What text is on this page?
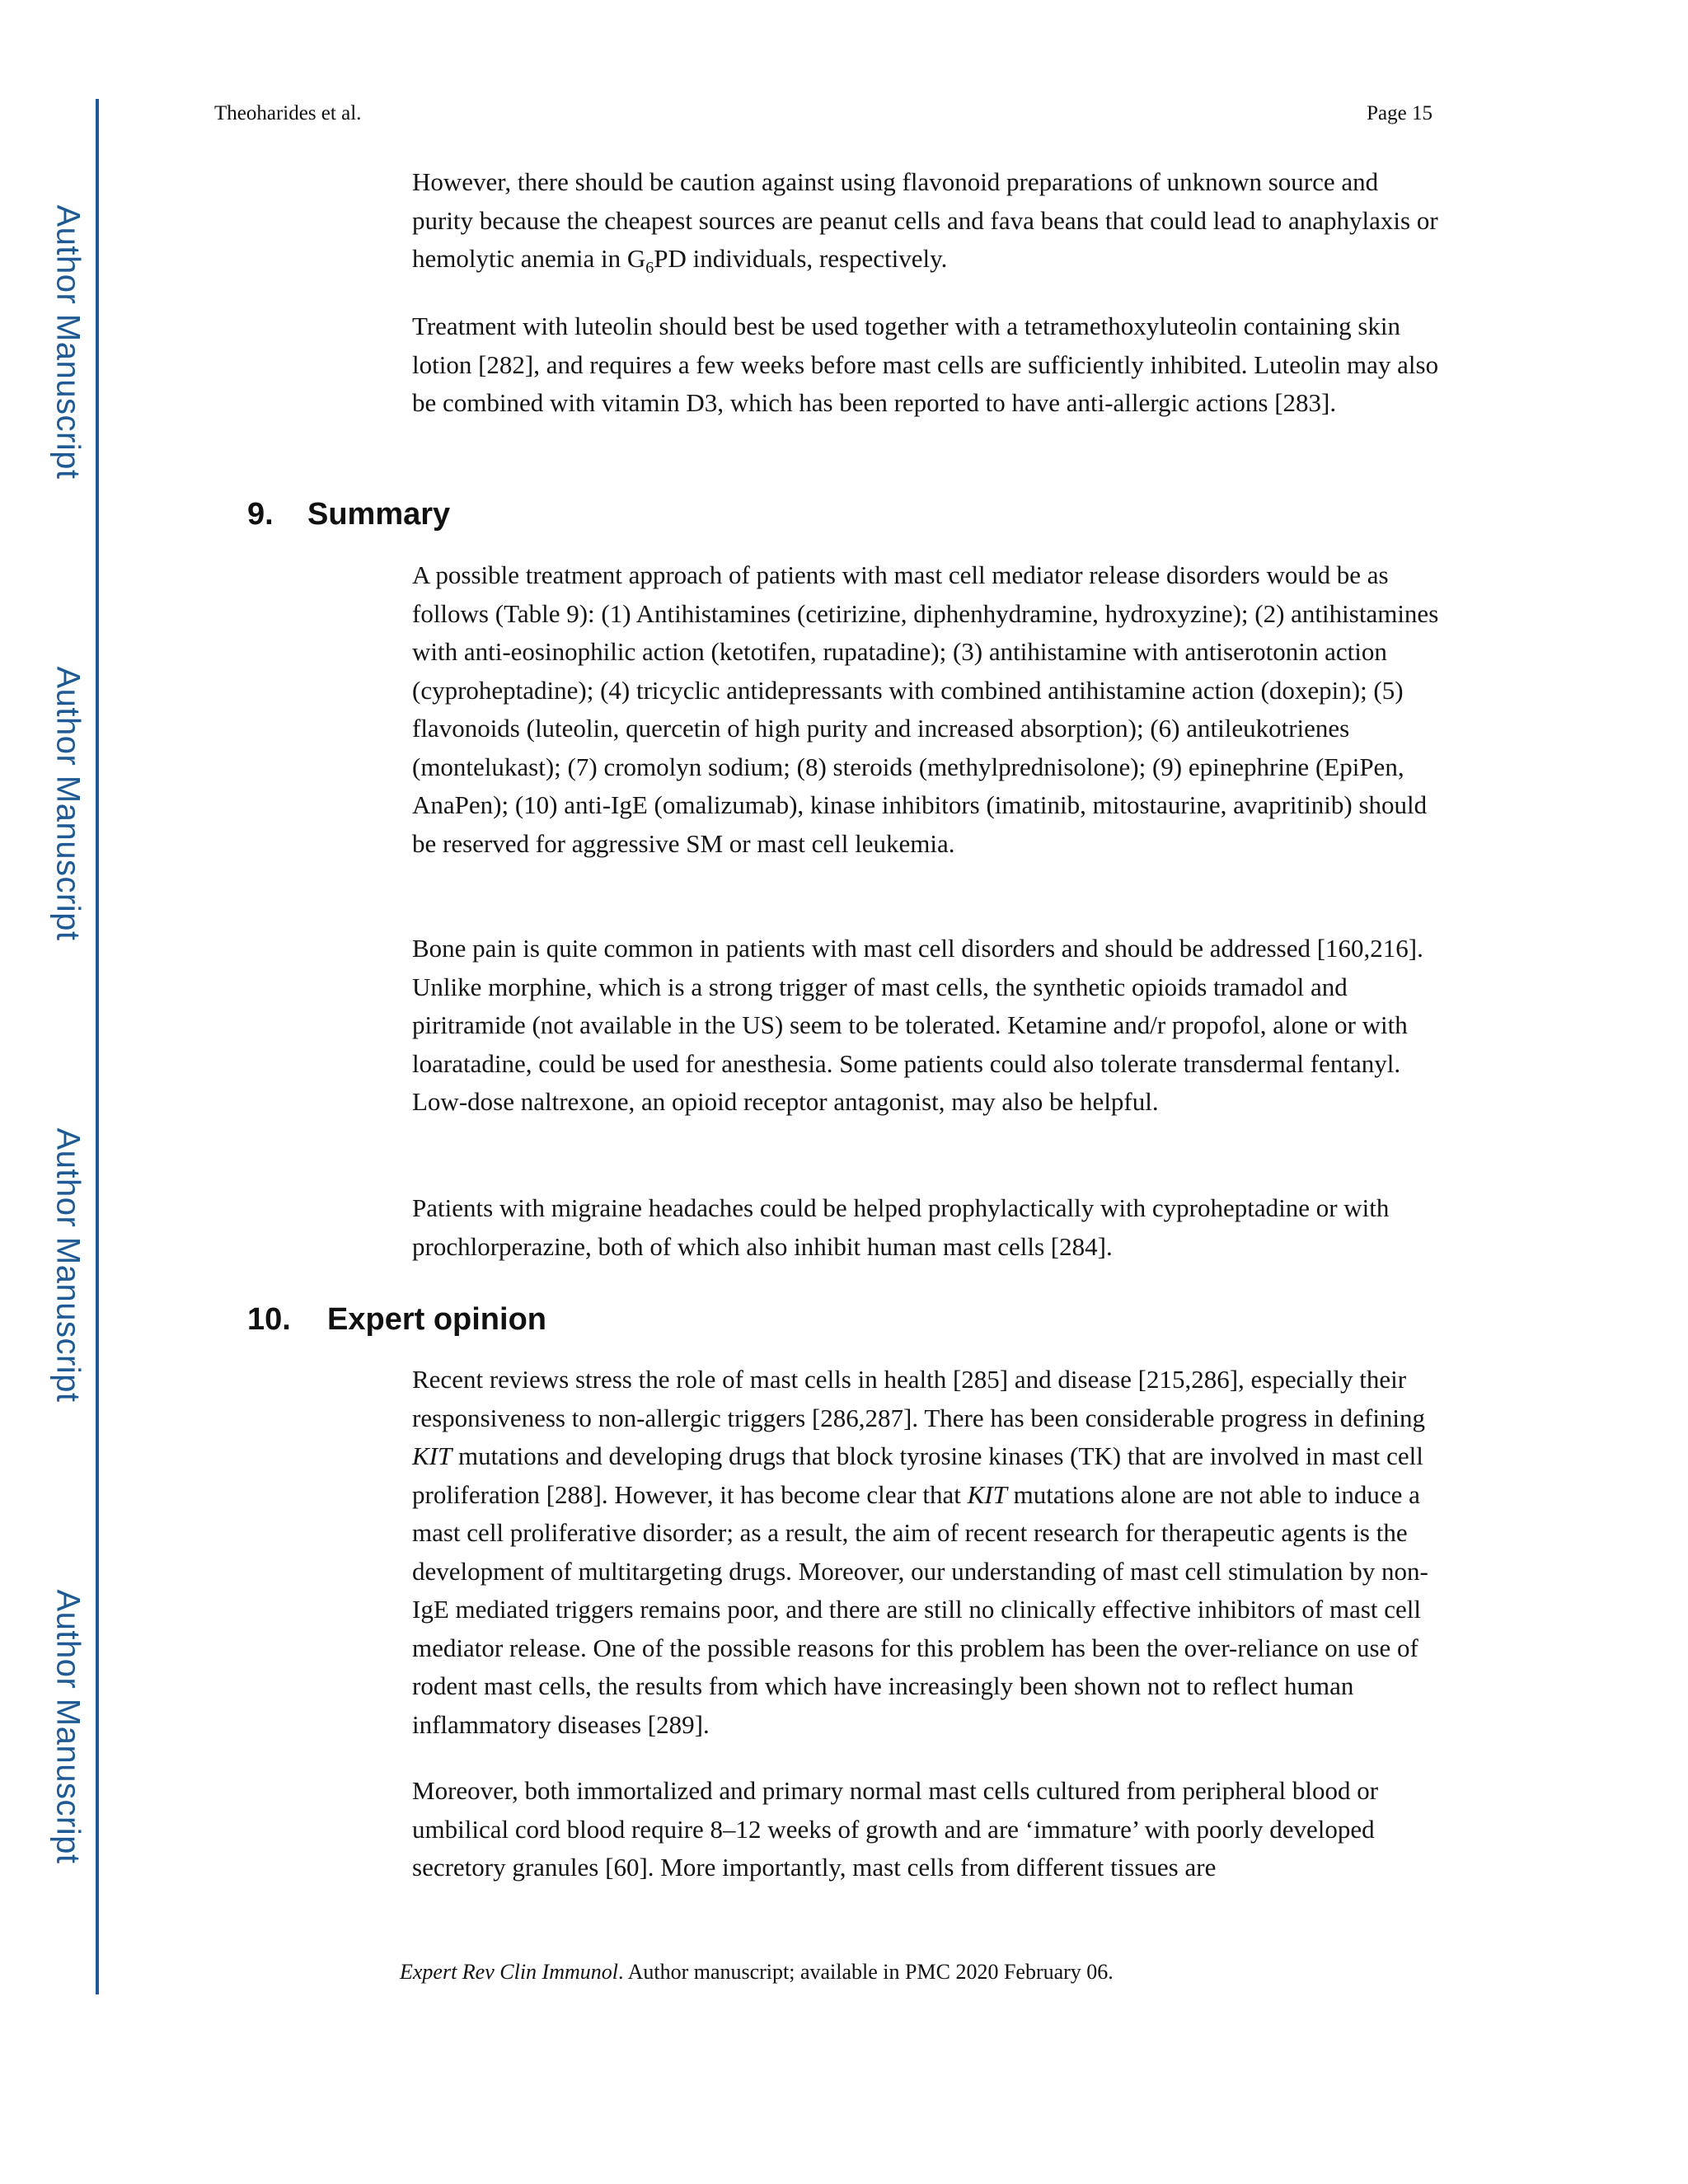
Author Manuscript
Author Manuscript
Author Manuscript
Author Manuscript
Theoharides et al.	Page 15

However, there should be caution against using flavonoid preparations of unknown source and purity because the cheapest sources are peanut cells and fava beans that could lead to anaphylaxis or hemolytic anemia in $G_6PD$ individuals, respectively.

Treatment with luteolin should best be used together with a tetramethoxyluteolin containing skin lotion [282], and requires a few weeks before mast cells are sufficiently inhibited. Luteolin may also be combined with vitamin D3, which has been reported to have anti-allergic actions [283].

9. Summary

A possible treatment approach of patients with mast cell mediator release disorders would be as follows (Table 9): (1) Antihistamines (cetirizine, diphenhydramine, hydroxyzine); (2) antihistamines with anti-eosinophilic action (ketotifen, rupatadine); (3) antihistamine with antiserotonin action (cyproheptadine); (4) tricyclic antidepressants with combined antihistamine action (doxepin); (5) flavonoids (luteolin, quercetin of high purity and increased absorption); (6) antileukotrienes (montelukast); (7) cromolyn sodium; (8) steroids (methylprednisolone); (9) epinephrine (EpiPen, AnaPen); (10) anti-IgE (omalizumab), kinase inhibitors (imatinib, mitostaurine, avapritinib) should be reserved for aggressive SM or mast cell leukemia.

Bone pain is quite common in patients with mast cell disorders and should be addressed [160,216]. Unlike morphine, which is a strong trigger of mast cells, the synthetic opioids tramadol and piritramide (not available in the US) seem to be tolerated. Ketamine and/r propofol, alone or with loaratadine, could be used for anesthesia. Some patients could also tolerate transdermal fentanyl. Low-dose naltrexone, an opioid receptor antagonist, may also be helpful.

Patients with migraine headaches could be helped prophylactically with cyproheptadine or with prochlorperazine, both of which also inhibit human mast cells [284].

10. Expert opinion

Recent reviews stress the role of mast cells in health [285] and disease [215,286], especially their responsiveness to non-allergic triggers [286,287]. There has been considerable progress in defining KIT mutations and developing drugs that block tyrosine kinases (TK) that are involved in mast cell proliferation [288]. However, it has become clear that KIT mutations alone are not able to induce a mast cell proliferative disorder; as a result, the aim of recent research for therapeutic agents is the development of multitargeting drugs. Moreover, our understanding of mast cell stimulation by non-IgE mediated triggers remains poor, and there are still no clinically effective inhibitors of mast cell mediator release. One of the possible reasons for this problem has been the over-reliance on use of rodent mast cells, the results from which have increasingly been shown not to reflect human inflammatory diseases [289].

Moreover, both immortalized and primary normal mast cells cultured from peripheral blood or umbilical cord blood require 8–12 weeks of growth and are ‘immature’ with poorly developed secretory granules [60]. More importantly, mast cells from different tissues are

Expert Rev Clin Immunol. Author manuscript; available in PMC 2020 February 06.
